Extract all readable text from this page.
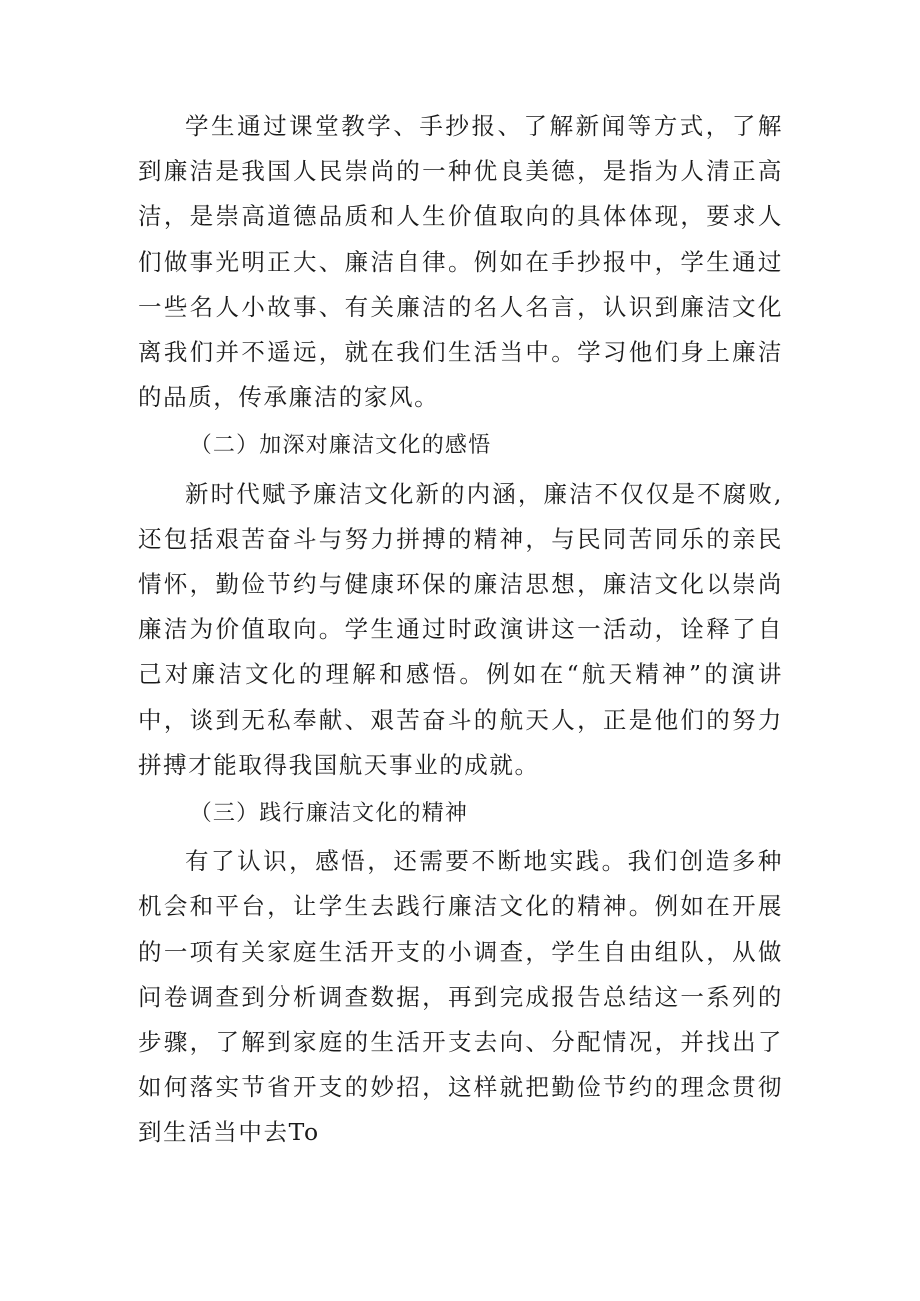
学生通过课堂教学、手抄报、了解新闻等方式，了解到廉洁是我国人民崇尚的一种优良美德，是指为人清正高洁，是崇高道德品质和人生价值取向的具体体现，要求人们做事光明正大、廉洁自律。例如在手抄报中，学生通过一些名人小故事、有关廉洁的名人名言，认识到廉洁文化离我们并不遥远，就在我们生活当中。学习他们身上廉洁的品质，传承廉洁的家风。

（二）加深对廉洁文化的感悟

新时代赋予廉洁文化新的内涵，廉洁不仅仅是不腐败,还包括艰苦奋斗与努力拼搏的精神，与民同苦同乐的亲民情怀，勤俭节约与健康环保的廉洁思想，廉洁文化以崇尚廉洁为价值取向。学生通过时政演讲这一活动，诠释了自己对廉洁文化的理解和感悟。例如在“航天精神”的演讲中，谈到无私奉献、艰苦奋斗的航天人，正是他们的努力拼搏才能取得我国航天事业的成就。

（三）践行廉洁文化的精神

有了认识，感悟，还需要不断地实践。我们创造多种机会和平台，让学生去践行廉洁文化的精神。例如在开展的一项有关家庭生活开支的小调查，学生自由组队，从做问卷调查到分析调查数据，再到完成报告总结这一系列的步骤，了解到家庭的生活开支去向、分配情况，并找出了如何落实节省开支的妙招，这样就把勤俭节约的理念贯彻到生活当中去To
